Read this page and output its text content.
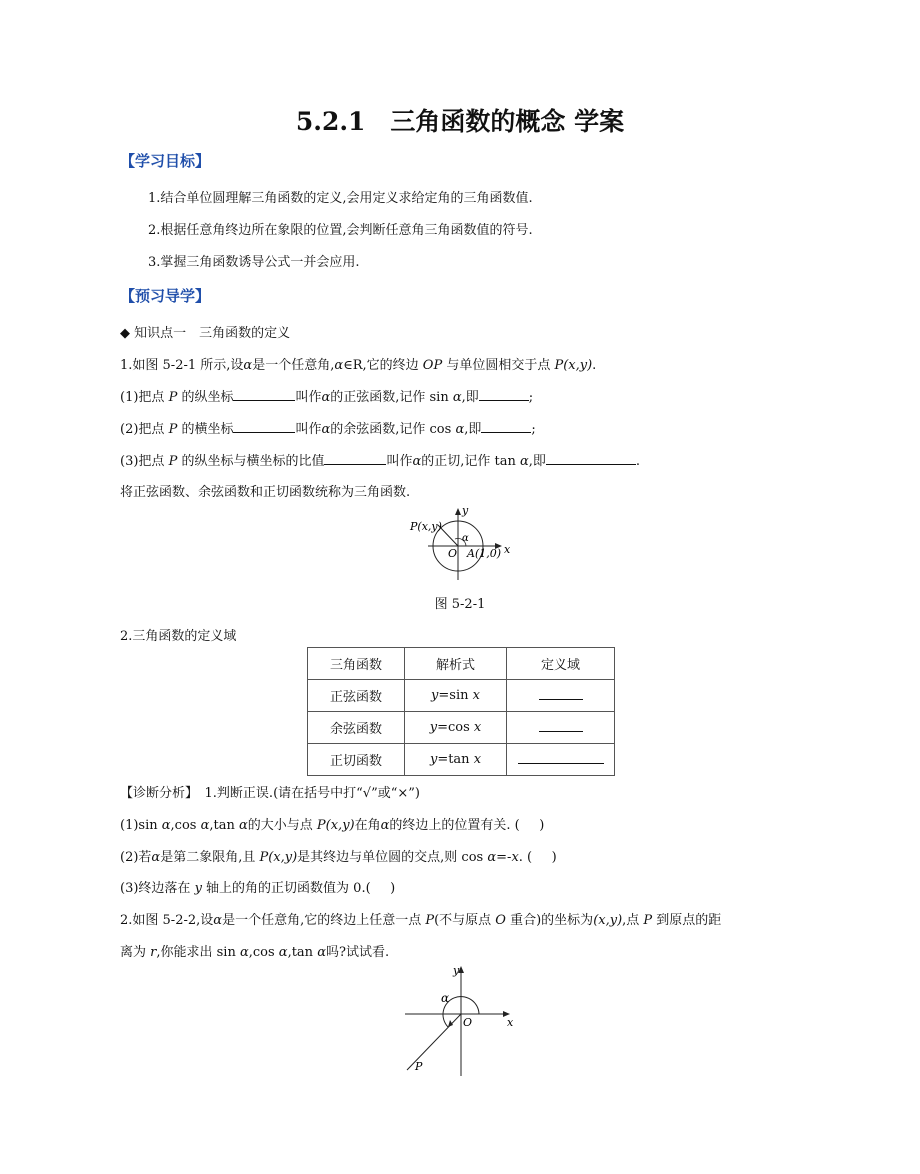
5.2.1　三角函数的概念 学案
【学习目标】
1.结合单位圆理解三角函数的定义,会用定义求给定角的三角函数值.
2.根据任意角终边所在象限的位置,会判断任意角三角函数值的符号.
3.掌握三角函数诱导公式一并会应用.
【预习导学】
◆ 知识点一　三角函数的定义
1.如图 5-2-1 所示,设α是一个任意角,α∈R,它的终边 OP 与单位圆相交于点 P(x,y).
(1)把点 P 的纵坐标	叫作α的正弦函数,记作 sin α,即	;
(2)把点 P 的横坐标	叫作α的余弦函数,记作 cos α,即	;
(3)把点 P 的纵坐标与横坐标的比值	叫作α的正切,记作 tan α,即	.
将正弦函数、余弦函数和正切函数统称为三角函数.
P(x,y)
y
x
O A(1,0)
α
图 5-2-1
2.三角函数的定义域
三角函数	解析式	定义域
正弦函数	y=sin x	
余弦函数	y=cos x	
正切函数	y=tan x	
【诊断分析】　 1.判断正误.(请在括号中打“√”或“×”)
(1)sin α,cos α,tan α的大小与点 P(x,y)在角α的终边上的位置有关. (　 )
(2)若α是第二象限角,且 P(x,y)是其终边与单位圆的交点,则 cos α=-x. (　 )
(3)终边落在 y 轴上的角的正切函数值为 0.(　 )
2.如图 5-2-2,设α是一个任意角,它的终边上任意一点 P(不与原点 O 重合)的坐标为(x,y),点 P 到原点的距
离为 r,你能求出 sin α,cos α,tan α吗?试试看.
y
x
O
α
P
